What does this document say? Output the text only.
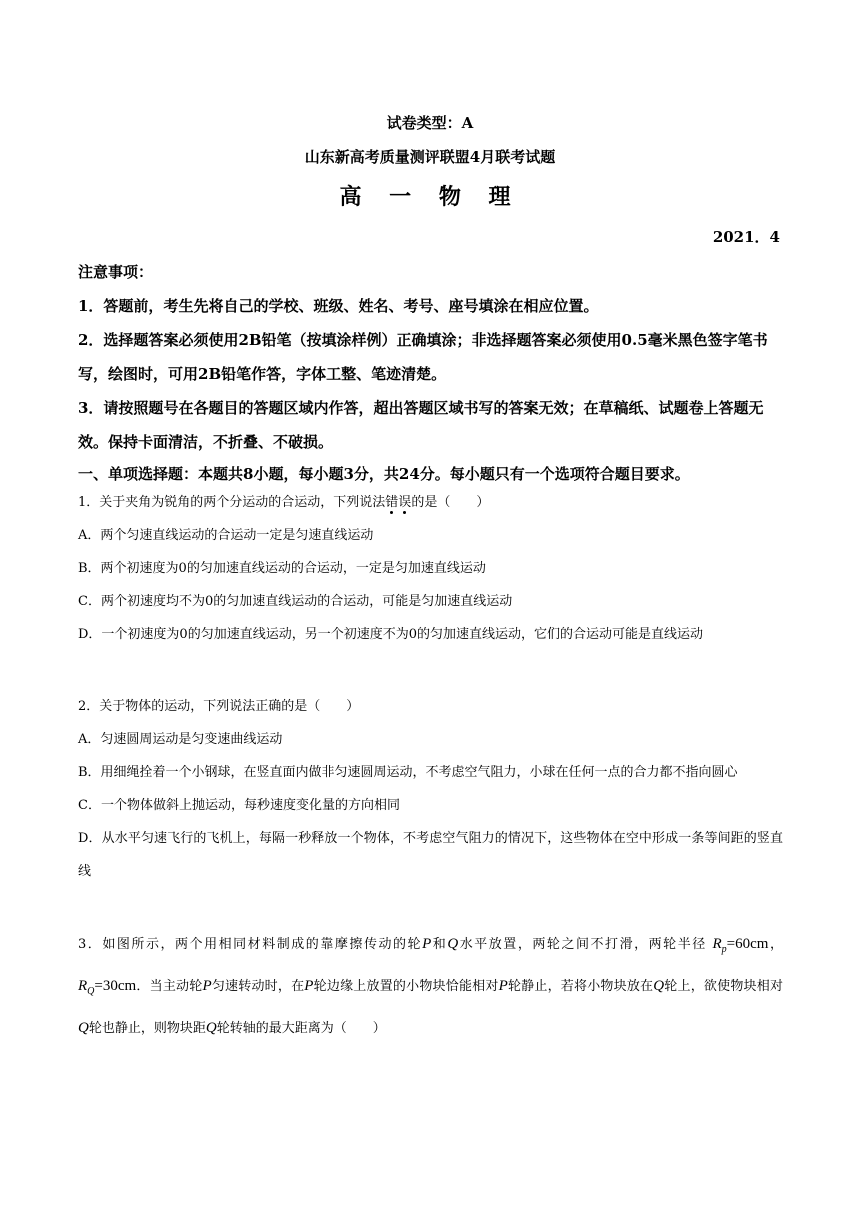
试卷类型：A
山东新高考质量测评联盟4月联考试题
高 一 物 理
2021．4
注意事项：
1．答题前，考生先将自己的学校、班级、姓名、考号、座号填涂在相应位置。
2．选择题答案必须使用2B铅笔（按填涂样例）正确填涂；非选择题答案必须使用0.5毫米黑色签字笔书写，绘图时，可用2B铅笔作答，字体工整、笔迹清楚。
3．请按照题号在各题目的答题区域内作答，超出答题区域书写的答案无效；在草稿纸、试题卷上答题无效。保持卡面清洁，不折叠、不破损。
一、单项选择题：本题共8小题，每小题3分，共24分。每小题只有一个选项符合题目要求。
1．关于夹角为锐角的两个分运动的合运动，下列说法错误的是（　　）
A．两个匀速直线运动的合运动一定是匀速直线运动
B．两个初速度为0的匀加速直线运动的合运动，一定是匀加速直线运动
C．两个初速度均不为0的匀加速直线运动的合运动，可能是匀加速直线运动
D．一个初速度为0的匀加速直线运动，另一个初速度不为0的匀加速直线运动，它们的合运动可能是直线运动
2．关于物体的运动，下列说法正确的是（　　）
A．匀速圆周运动是匀变速曲线运动
B．用细绳拴着一个小钢球，在竖直面内做非匀速圆周运动，不考虑空气阻力，小球在任何一点的合力都不指向圆心
C．一个物体做斜上抛运动，每秒速度变化量的方向相同
D．从水平匀速飞行的飞机上，每隔一秒释放一个物体，不考虑空气阻力的情况下，这些物体在空中形成一条等间距的竖直线
3．如图所示，两个用相同材料制成的靠摩擦传动的轮P和Q水平放置，两轮之间不打滑，两轮半径 $R_p=60cm$， $R_Q=30cm$．当主动轮P匀速转动时，在P轮边缘上放置的小物块恰能相对P轮静止，若将小物块放在Q轮上，欲使物块相对Q轮也静止，则物块距Q轮转轴的最大距离为（　　）
